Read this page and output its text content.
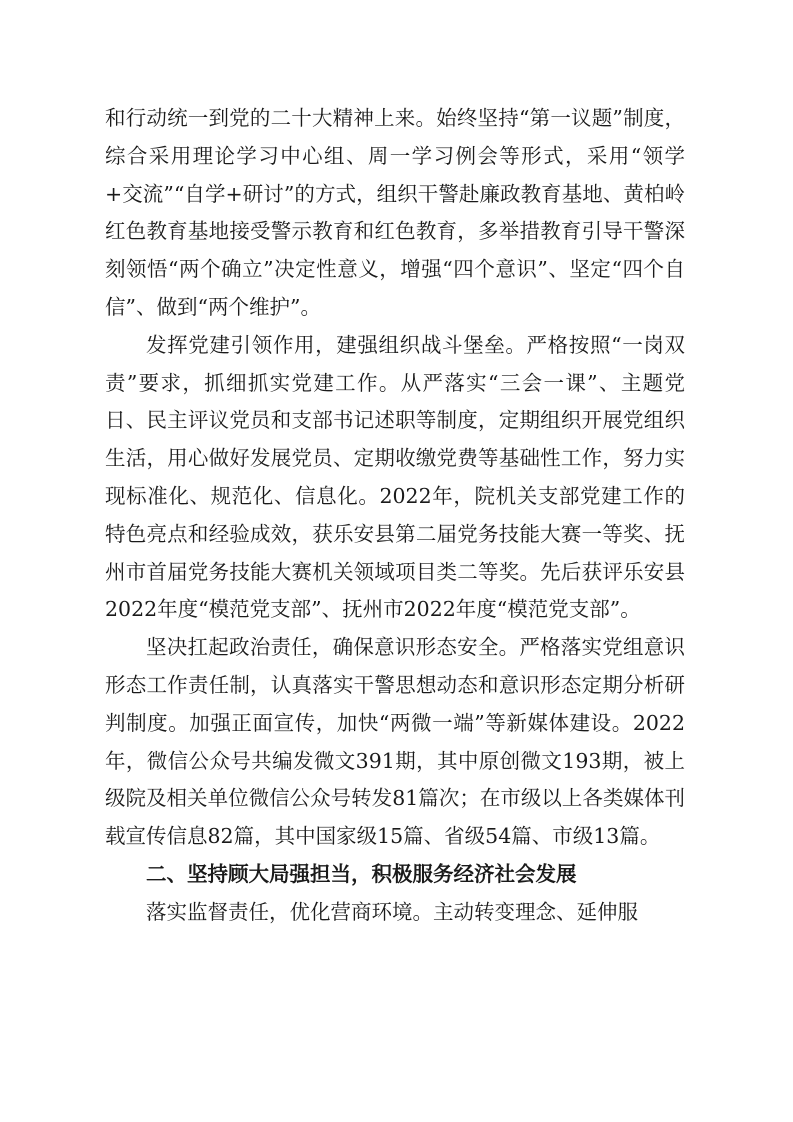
和行动统一到党的二十大精神上来。始终坚持“第一议题”制度，综合采用理论学习中心组、周一学习例会等形式，采用“领学+交流”“自学+研讨”的方式，组织干警赴廉政教育基地、黄柏岭红色教育基地接受警示教育和红色教育，多举措教育引导干警深刻领悟“两个确立”决定性意义，增强“四个意识”、坚定“四个自信”、做到“两个维护”。

发挥党建引领作用，建强组织战斗堡垒。严格按照“一岗双责”要求，抓细抓实党建工作。从严落实“三会一课”、主题党日、民主评议党员和支部书记述职等制度，定期组织开展党组织生活，用心做好发展党员、定期收缴党费等基础性工作，努力实现标准化、规范化、信息化。2022年，院机关支部党建工作的特色亮点和经验成效，获乐安县第二届党务技能大赛一等奖、抚州市首届党务技能大赛机关领域项目类二等奖。先后获评乐安县2022年度“模范党支部”、抚州市2022年度“模范党支部”。

坚决扛起政治责任，确保意识形态安全。严格落实党组意识形态工作责任制，认真落实干警思想动态和意识形态定期分析研判制度。加强正面宣传，加快“两微一端”等新媒体建设。2022年，微信公众号共编发微文391期，其中原创微文193期，被上级院及相关单位微信公众号转发81篇次；在市级以上各类媒体刊载宣传信息82篇，其中国家级15篇、省级54篇、市级13篇。

二、坚持顾大局强担当，积极服务经济社会发展

落实监督责任，优化营商环境。主动转变理念、延伸服
